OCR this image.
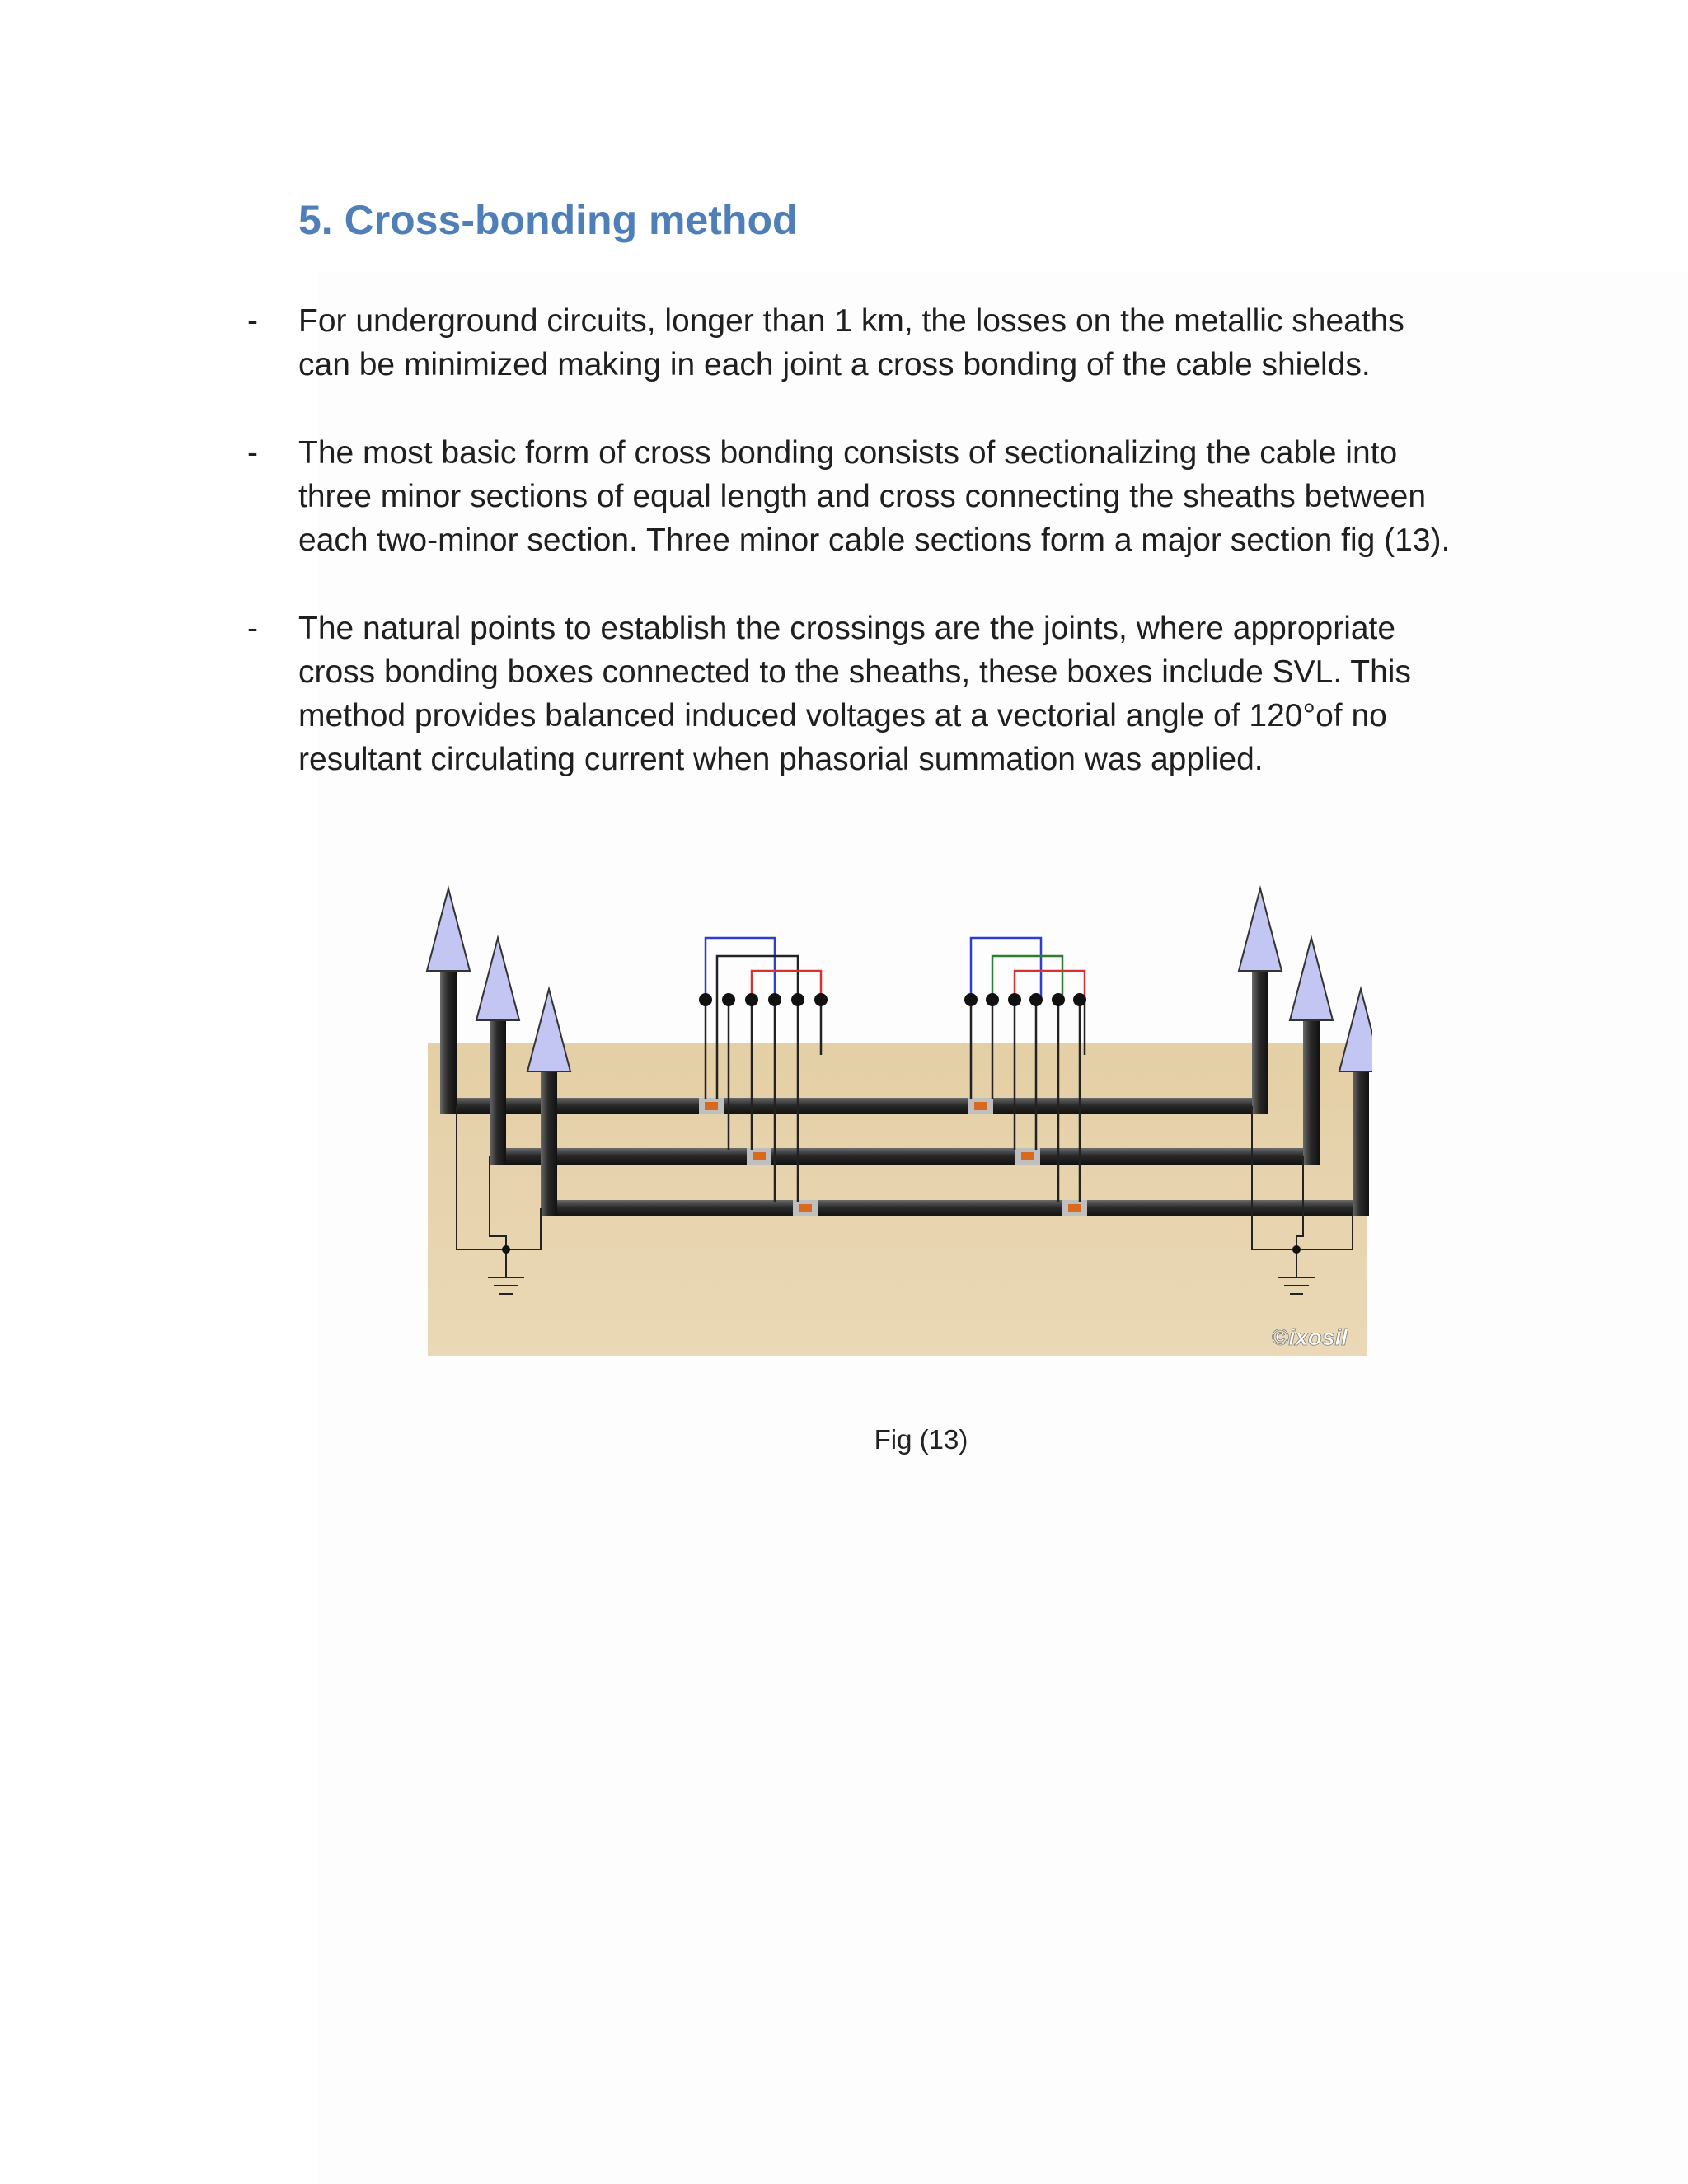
5. Cross-bonding method
- For underground circuits, longer than 1 km, the losses on the metallic sheaths
can be minimized making in each joint a cross bonding of the cable shields.
- The most basic form of cross bonding consists of sectionalizing the cable into
three minor sections of equal length and cross connecting the sheaths between
each two-minor section. Three minor cable sections form a major section fig (13).
- The natural points to establish the crossings are the joints, where appropriate
cross bonding boxes connected to the sheaths, these boxes include SVL. This
method provides balanced induced voltages at a vectorial angle of 120°of no
resultant circulating current when phasorial summation was applied.
©ixosil
Fig (13)
